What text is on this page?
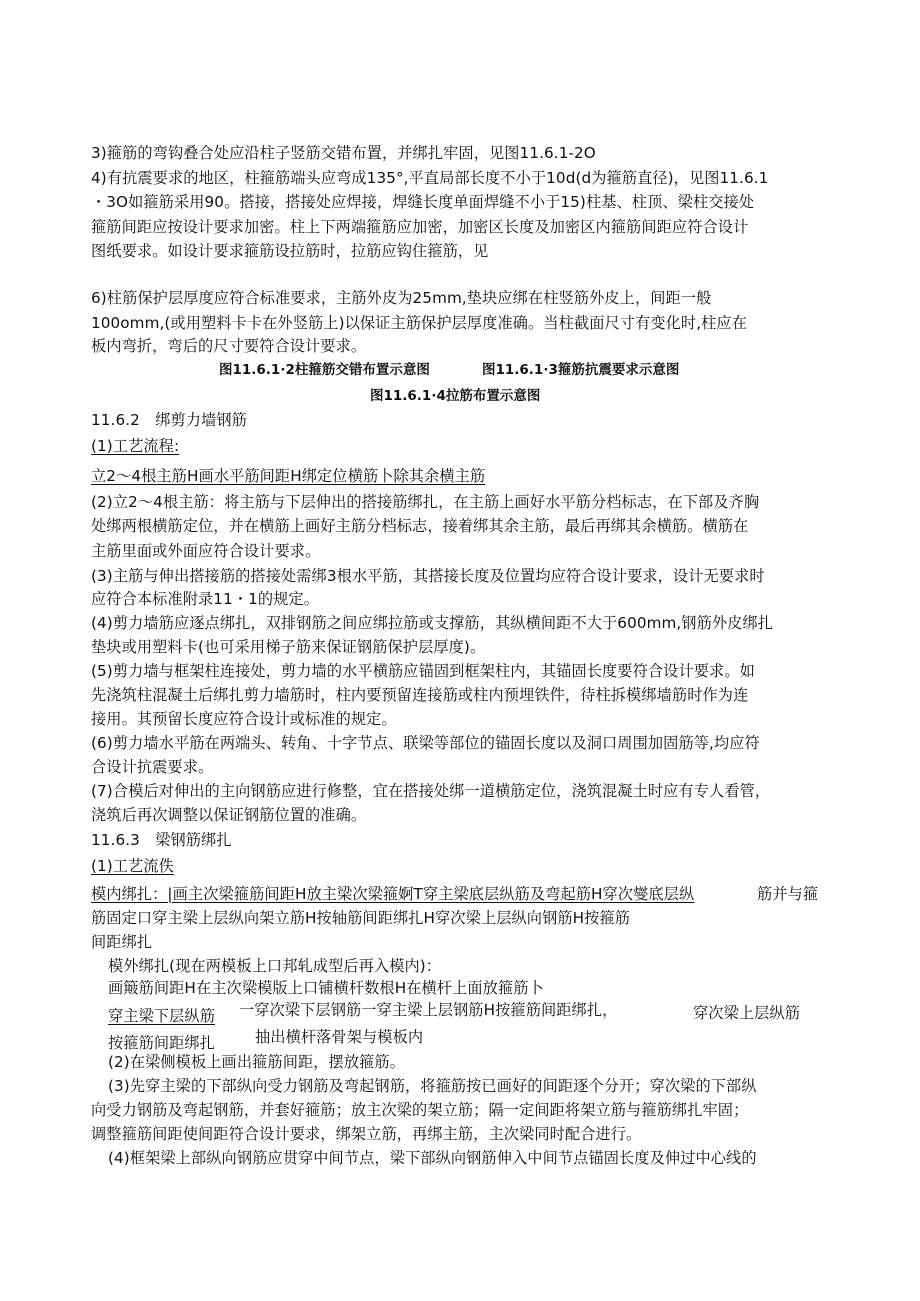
3)箍筋的弯钩叠合处应沿柱子竖筋交错布置，并绑扎牢固，见图11.6.1-2O
4)有抗震要求的地区，柱箍筋端头应弯成135°,平直局部长度不小于10d(d为箍筋直径)，见图11.6.1
・3O如箍筋采用90。搭接，搭接处应焊接，焊缝长度单面焊缝不小于15)柱基、柱顶、梁柱交接处
箍筋间距应按设计要求加密。柱上下两端箍筋应加密，加密区长度及加密区内箍筋间距应符合设计
图纸要求。如设计要求箍筋设拉筋时，拉筋应钩住箍筋，见
6)柱筋保护层厚度应符合标准要求，主筋外皮为25mm,垫块应绑在柱竖筋外皮上，间距一般
100omm,(或用塑料卡卡在外竖筋上)以保证主筋保护层厚度准确。当柱截面尺寸有变化时,柱应在
板内弯折，弯后的尺寸要符合设计要求。
图11.6.1·2柱箍筋交错布置示意图	图11.6.1·3箍筋抗震要求示意图
图11.6.1·4拉筋布置示意图
11.6.2　绑剪力墙钢筋
(1)工艺流程:
立2～4根主筋H画水平筋间距H绑定位横筋卜除其余横主筋
(2)立2～4根主筋：将主筋与下层伸出的搭接筋绑扎，在主筋上画好水平筋分档标志，在下部及齐胸
处绑两根横筋定位，并在横筋上画好主筋分档标志，接着绑其余主筋，最后再绑其余横筋。横筋在
主筋里面或外面应符合设计要求。
(3)主筋与伸出搭接筋的搭接处需绑3根水平筋，其搭接长度及位置均应符合设计要求，设计无要求时
应符合本标准附录11・1的规定。
(4)剪力墙筋应逐点绑扎，双排钢筋之间应绑拉筋或支撑筋，其纵横间距不大于600mm,钢筋外皮绑扎
垫块或用塑料卡(也可采用梯子筋来保证钢筋保护层厚度)。
(5)剪力墙与框架柱连接处，剪力墙的水平横筋应锚固到框架柱内，其锚固长度要符合设计要求。如
先浇筑柱混凝土后绑扎剪力墙筋时，柱内要预留连接筋或柱内预埋铁件，待柱拆模绑墙筋时作为连
接用。其预留长度应符合设计或标准的规定。
(6)剪力墙水平筋在两端头、转角、十字节点、联梁等部位的锚固长度以及洞口周围加固筋等,均应符
合设计抗震要求。
(7)合模后对伸出的主向钢筋应进行修整，宜在搭接处绑一道横筋定位，浇筑混凝土时应有专人看管，
浇筑后再次调整以保证钢筋位置的准确。
11.6.3　梁钢筋绑扎
(1)工艺流佚
模内绑扎：|画主次梁箍筋间距H放主梁次梁箍婀T穿主梁底层纵筋及弯起筋H穿次燮底层纵	筋并与箍
筋固定口穿主梁上层纵向架立筋H按轴筋间距绑扎H穿次梁上层纵向钢筋H按箍筋
间距绑扎
模外绑扎(现在两模板上口邦轧成型后再入模内)：
画簸筋间距H在主次梁模版上口铺横杆数根H在横杆上面放箍筋卜
穿主梁下层纵筋 一穿次梁下层钢筋一穿主梁上层钢筋H按箍筋间距绑扎，	穿次梁上层纵筋
按箍筋间距绑扎	抽出横杆落骨架与模板内
(2)在梁侧模板上画出箍筋间距，摆放箍筋。
(3)先穿主梁的下部纵向受力钢筋及弯起钢筋，将箍筋按已画好的间距逐个分开；穿次梁的下部纵
向受力钢筋及弯起钢筋，并套好箍筋；放主次梁的架立筋；隔一定间距将架立筋与箍筋绑扎牢固；
调整箍筋间距使间距符合设计要求，绑架立筋，再绑主筋，主次梁同时配合进行。
(4)框架梁上部纵向钢筋应贯穿中间节点，梁下部纵向钢筋伸入中间节点锚固长度及伸过中心线的
